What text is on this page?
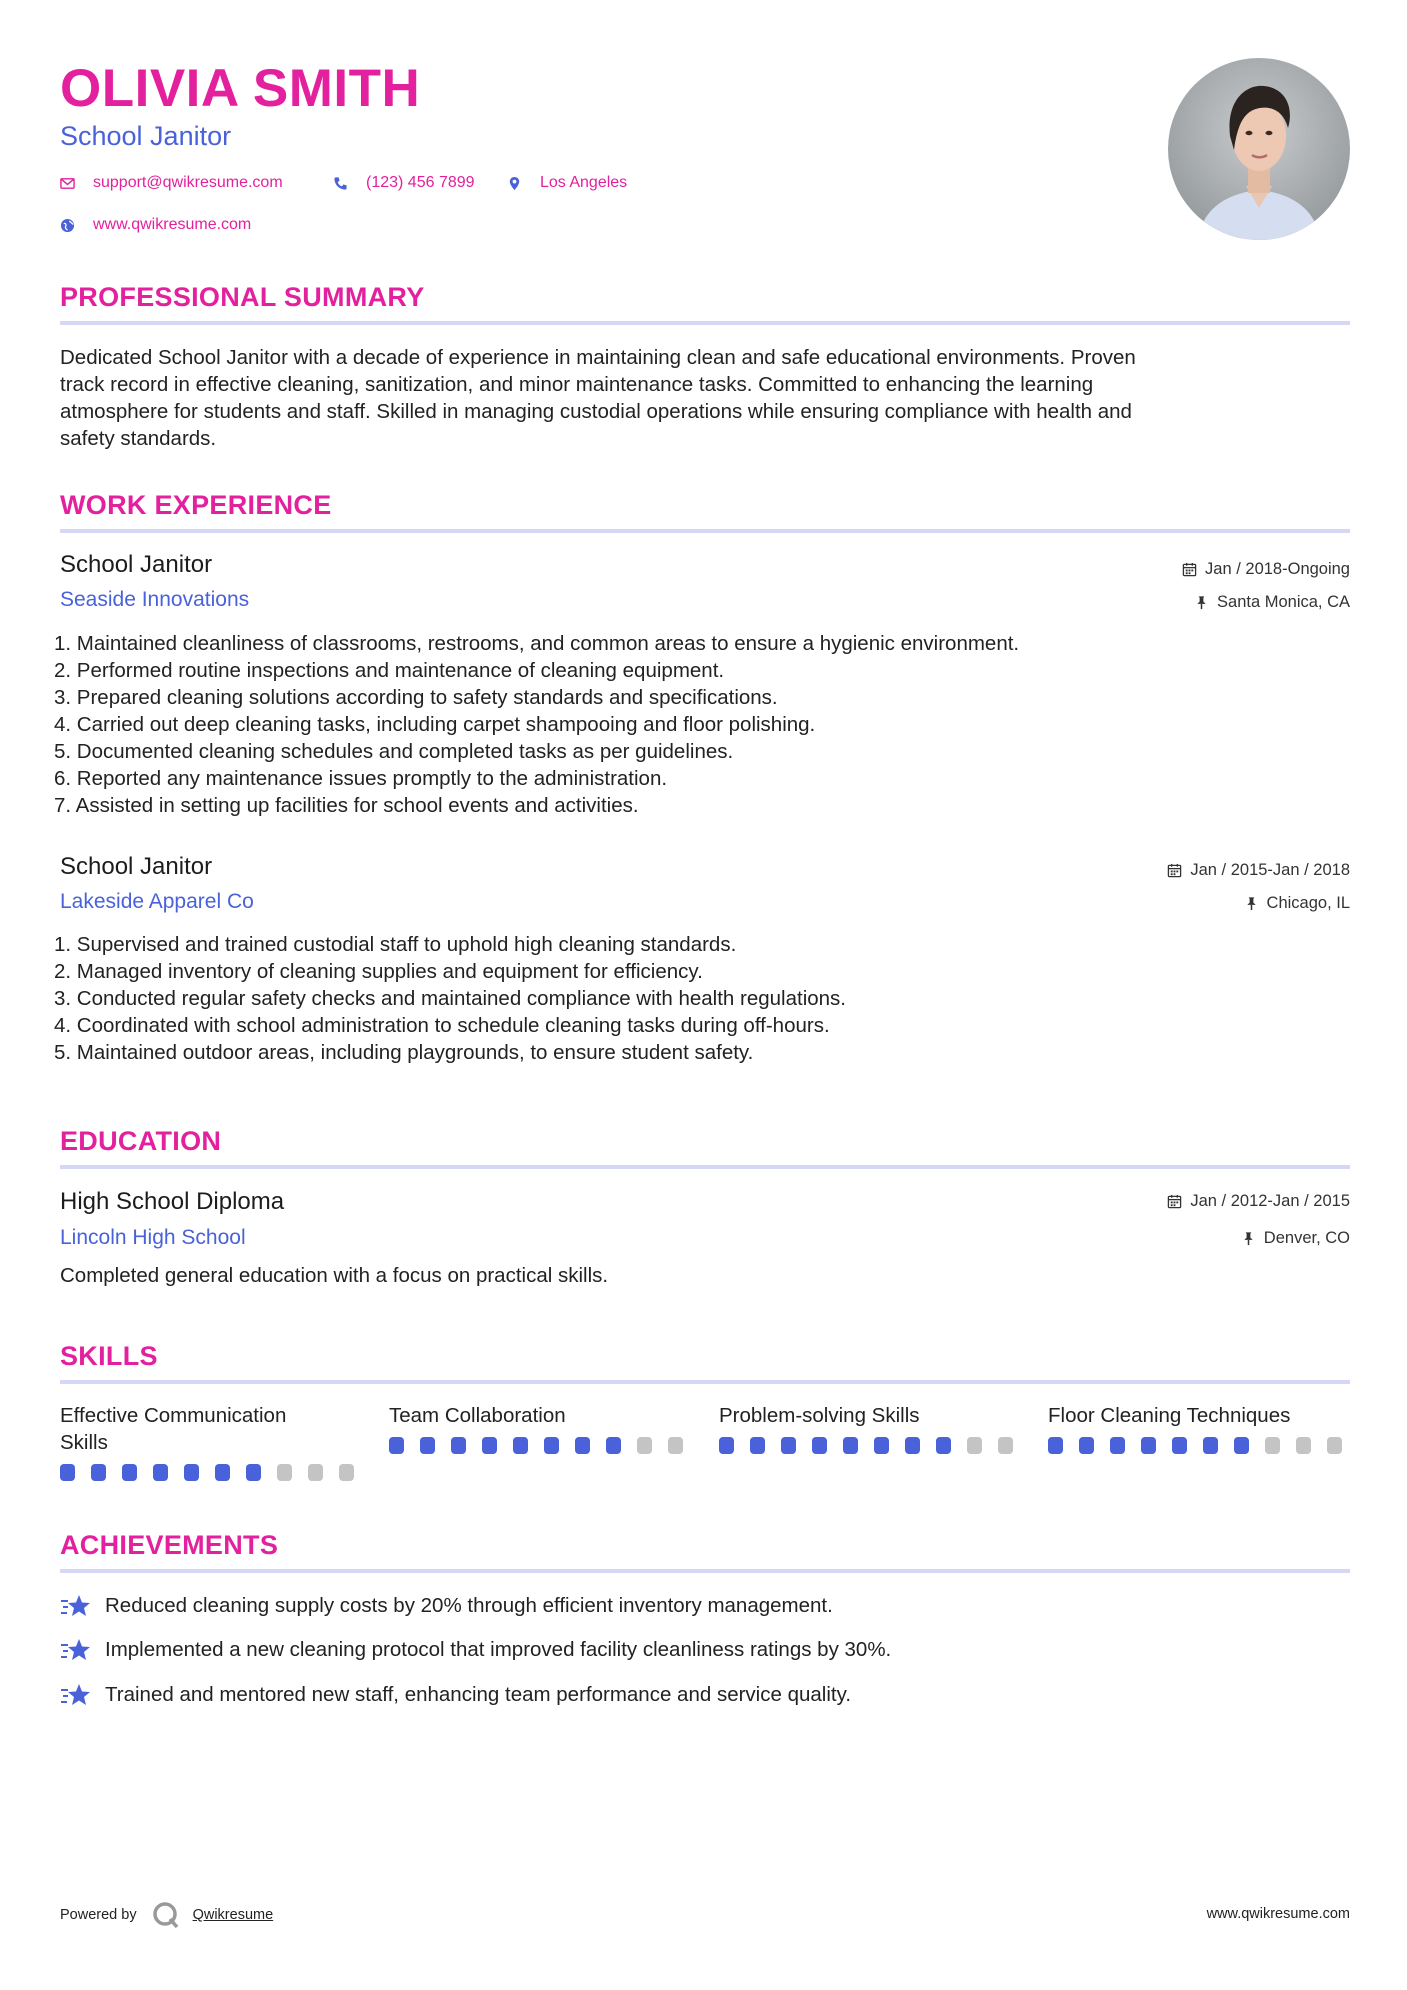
OLIVIA SMITH
School Janitor
support@qwikresume.com	(123) 456 7899	Los Angeles
www.qwikresume.com
PROFESSIONAL SUMMARY
Dedicated School Janitor with a decade of experience in maintaining clean and safe educational environments. Proven
track record in effective cleaning, sanitization, and minor maintenance tasks. Committed to enhancing the learning
atmosphere for students and staff. Skilled in managing custodial operations while ensuring compliance with health and
safety standards.
WORK EXPERIENCE
School Janitor
Seaside Innovations
Jan / 2018-Ongoing
Santa Monica, CA
1. Maintained cleanliness of classrooms, restrooms, and common areas to ensure a hygienic environment.
2. Performed routine inspections and maintenance of cleaning equipment.
3. Prepared cleaning solutions according to safety standards and specifications.
4. Carried out deep cleaning tasks, including carpet shampooing and floor polishing.
5. Documented cleaning schedules and completed tasks as per guidelines.
6. Reported any maintenance issues promptly to the administration.
7. Assisted in setting up facilities for school events and activities.
School Janitor
Lakeside Apparel Co
Jan / 2015-Jan / 2018
Chicago, IL
1. Supervised and trained custodial staff to uphold high cleaning standards.
2. Managed inventory of cleaning supplies and equipment for efficiency.
3. Conducted regular safety checks and maintained compliance with health regulations.
4. Coordinated with school administration to schedule cleaning tasks during off-hours.
5. Maintained outdoor areas, including playgrounds, to ensure student safety.
EDUCATION
High School Diploma
Lincoln High School
Jan / 2012-Jan / 2015
Denver, CO
Completed general education with a focus on practical skills.
SKILLS
Effective Communication
Skills
Team Collaboration	Problem-solving Skills	Floor Cleaning Techniques
ACHIEVEMENTS
Reduced cleaning supply costs by 20% through efficient inventory management.
Implemented a new cleaning protocol that improved facility cleanliness ratings by 30%.
Trained and mentored new staff, enhancing team performance and service quality.
Powered by	Qwikresume	www.qwikresume.com
